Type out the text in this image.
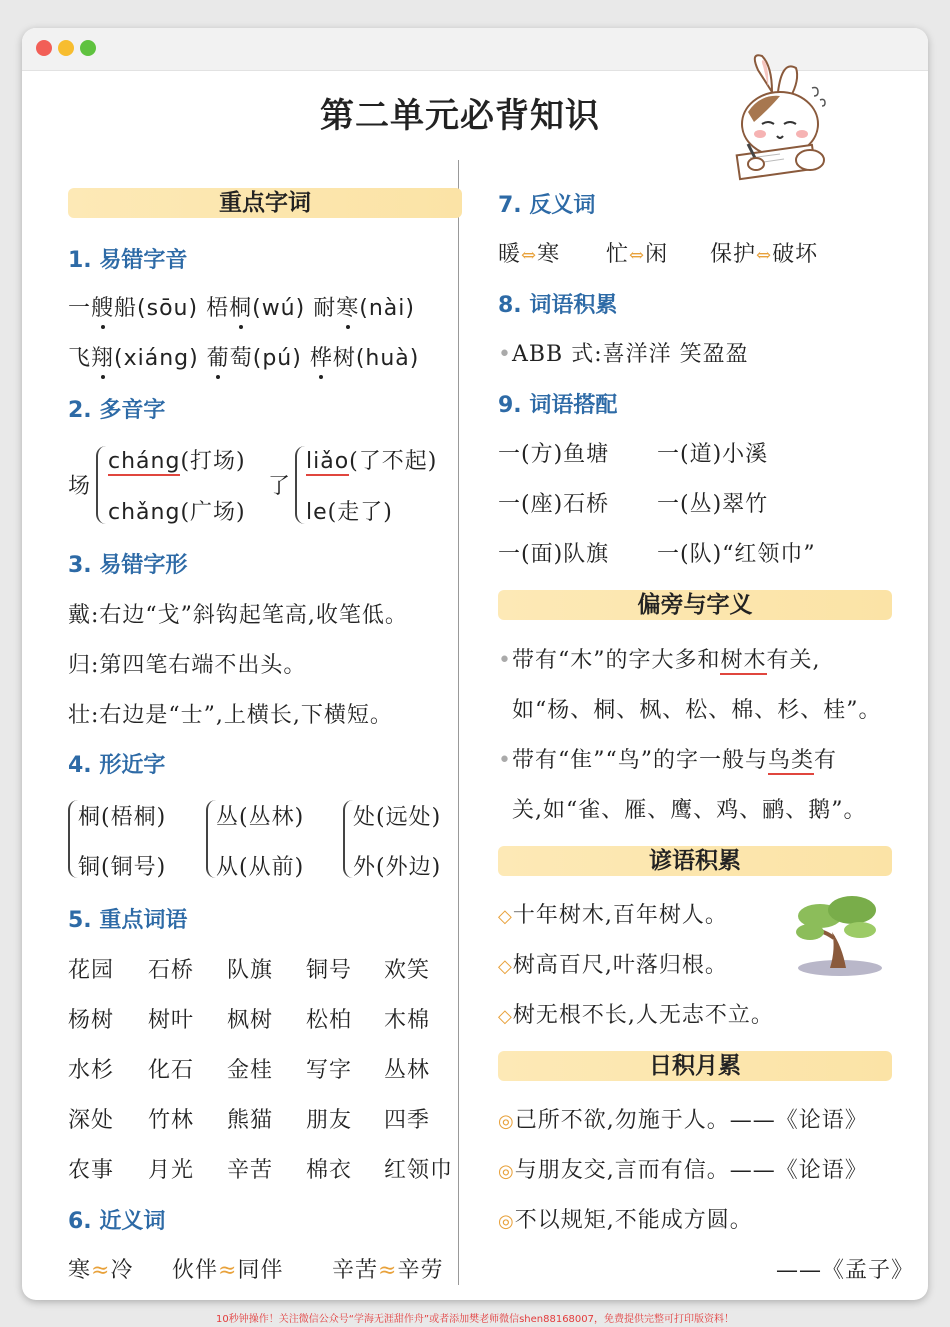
第二单元必背知识
重点字词
1. 易错字音
一艘船(sōu) 梧桐(wú) 耐寒(nài)
飞翔(xiáng) 葡萄(pú) 桦树(huà)
2. 多音字
场
cháng(打场)
chǎng(广场)
了
liǎo(了不起)
le(走了)
3. 易错字形
戴:右边“戈”斜钩起笔高,收笔低。
归:第四笔右端不出头。
壮:右边是“士”,上横长,下横短。
4. 形近字
桐(梧桐)
铜(铜号)
丛(丛林)
从(从前)
处(远处)
外(外边)
5. 重点词语
花园 石桥 队旗 铜号 欢笑
杨树 树叶 枫树 松柏 木棉
水杉 化石 金桂 写字 丛林
深处 竹林 熊猫 朋友 四季
农事 月光 辛苦 棉衣 红领巾
6. 近义词
寒≈冷 伙伴≈同伴 辛苦≈辛劳
7. 反义词
暖⇔寒 忙⇔闲 保护⇔破坏
8. 词语积累
•ABB 式:喜洋洋 笑盈盈
9. 词语搭配
一(方)鱼塘 一(道)小溪
一(座)石桥 一(丛)翠竹
一(面)队旗 一(队)“红领巾”
偏旁与字义
•带有“木”的字大多和树木有关,
如“杨、桐、枫、松、棉、杉、桂”。
•带有“隹”“鸟”的字一般与鸟类有
关,如“雀、雁、鹰、鸡、鹂、鹅”。
谚语积累
◇十年树木,百年树人。
◇树高百尺,叶落归根。
◇树无根不长,人无志不立。
日积月累
◎己所不欲,勿施于人。——《论语》
◎与朋友交,言而有信。——《论语》
◎不以规矩,不能成方圆。
——《孟子》
10秒钟操作！关注微信公众号“学海无涯甜作舟”或者添加樊老师微信shen88168007，免费提供完整可打印版资料！
